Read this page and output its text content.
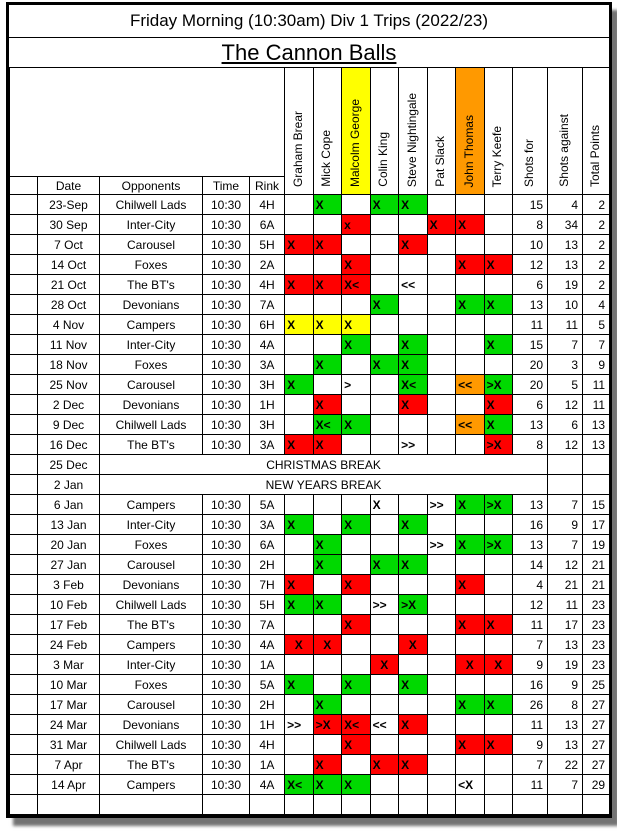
Friday Morning (10:30am) Div 1 Trips (2022/23)
The Cannon Balls
					Graham Brear	Mick Cope	Malcolm George	Colin King	Steve Nightingale	Pat Slack	John Thomas	Terry Keefe	Shots for	Shots against	Total Points	
	Date	Opponents	Time	Rink												
	23-Sep	Chilwell Lads	10:30	4H		X		X	X				15	4	2	
	30 Sep	Inter-City	10:30	6A			x			X	X		8	34	2	
	7 Oct	Carousel	10:30	5H	X	X			X				10	13	2	
	14 Oct	Foxes	10:30	2A			X				X	X	12	13	2	
	21 Oct	The BT's	10:30	4H	X	X	X<		<<				6	19	2	
	28 Oct	Devonians	10:30	7A				X			X	X	13	10	4	
	4 Nov	Campers	10:30	6H	X	X	X						11	11	5	
	11 Nov	Inter-City	10:30	4A			X		X			X	15	7	7	
	18 Nov	Foxes	10:30	3A		X		X	X				20	3	9	
	25 Nov	Carousel	10:30	3H	X		>		X<		<<	>X	20	5	11	
	2 Dec	Devonians	10:30	1H		X			X			X	6	12	11	
	9 Dec	Chilwell Lads	10:30	3H		X<	X				<<	X	13	6	13	
	16 Dec	The BT's	10:30	3A	X	X			>>			>X	8	12	13	
	25 Dec	CHRISTMAS BREAK														
	2 Jan	NEW YEARS BREAK														
	6 Jan	Campers	10:30	5A				X		>>	X	>X	13	7	15	
	13 Jan	Inter-City	10:30	3A	X		X		X				16	9	17	
	20 Jan	Foxes	10:30	6A		X				>>	X	>X	13	7	19	
	27 Jan	Carousel	10:30	2H		X		X	X				14	12	21	
	3 Feb	Devonians	10:30	7H	X		X				X		4	21	21	
	10 Feb	Chilwell Lads	10:30	5H	X	X		>>	>X				12	11	23	
	17 Feb	The BT's	10:30	7A			X				X	X	11	17	23	
	24 Feb	Campers	10:30	4A	X	X			X				7	13	23	
	3 Mar	Inter-City	10:30	1A				X			X	X	9	19	23	
	10 Mar	Foxes	10:30	5A	X		X		X				16	9	25	
	17 Mar	Carousel	10:30	2H		X					X	X	26	8	27	
	24 Mar	Devonians	10:30	1H	>>	>X	X<	<<	X				11	13	27	
	31 Mar	Chilwell Lads	10:30	4H			X				X	X	9	13	27	
	7 Apr	The BT's	10:30	1A		X		X	X				7	22	27	
	14 Apr	Campers	10:30	4A	X<	X	X				<X		11	7	29	
